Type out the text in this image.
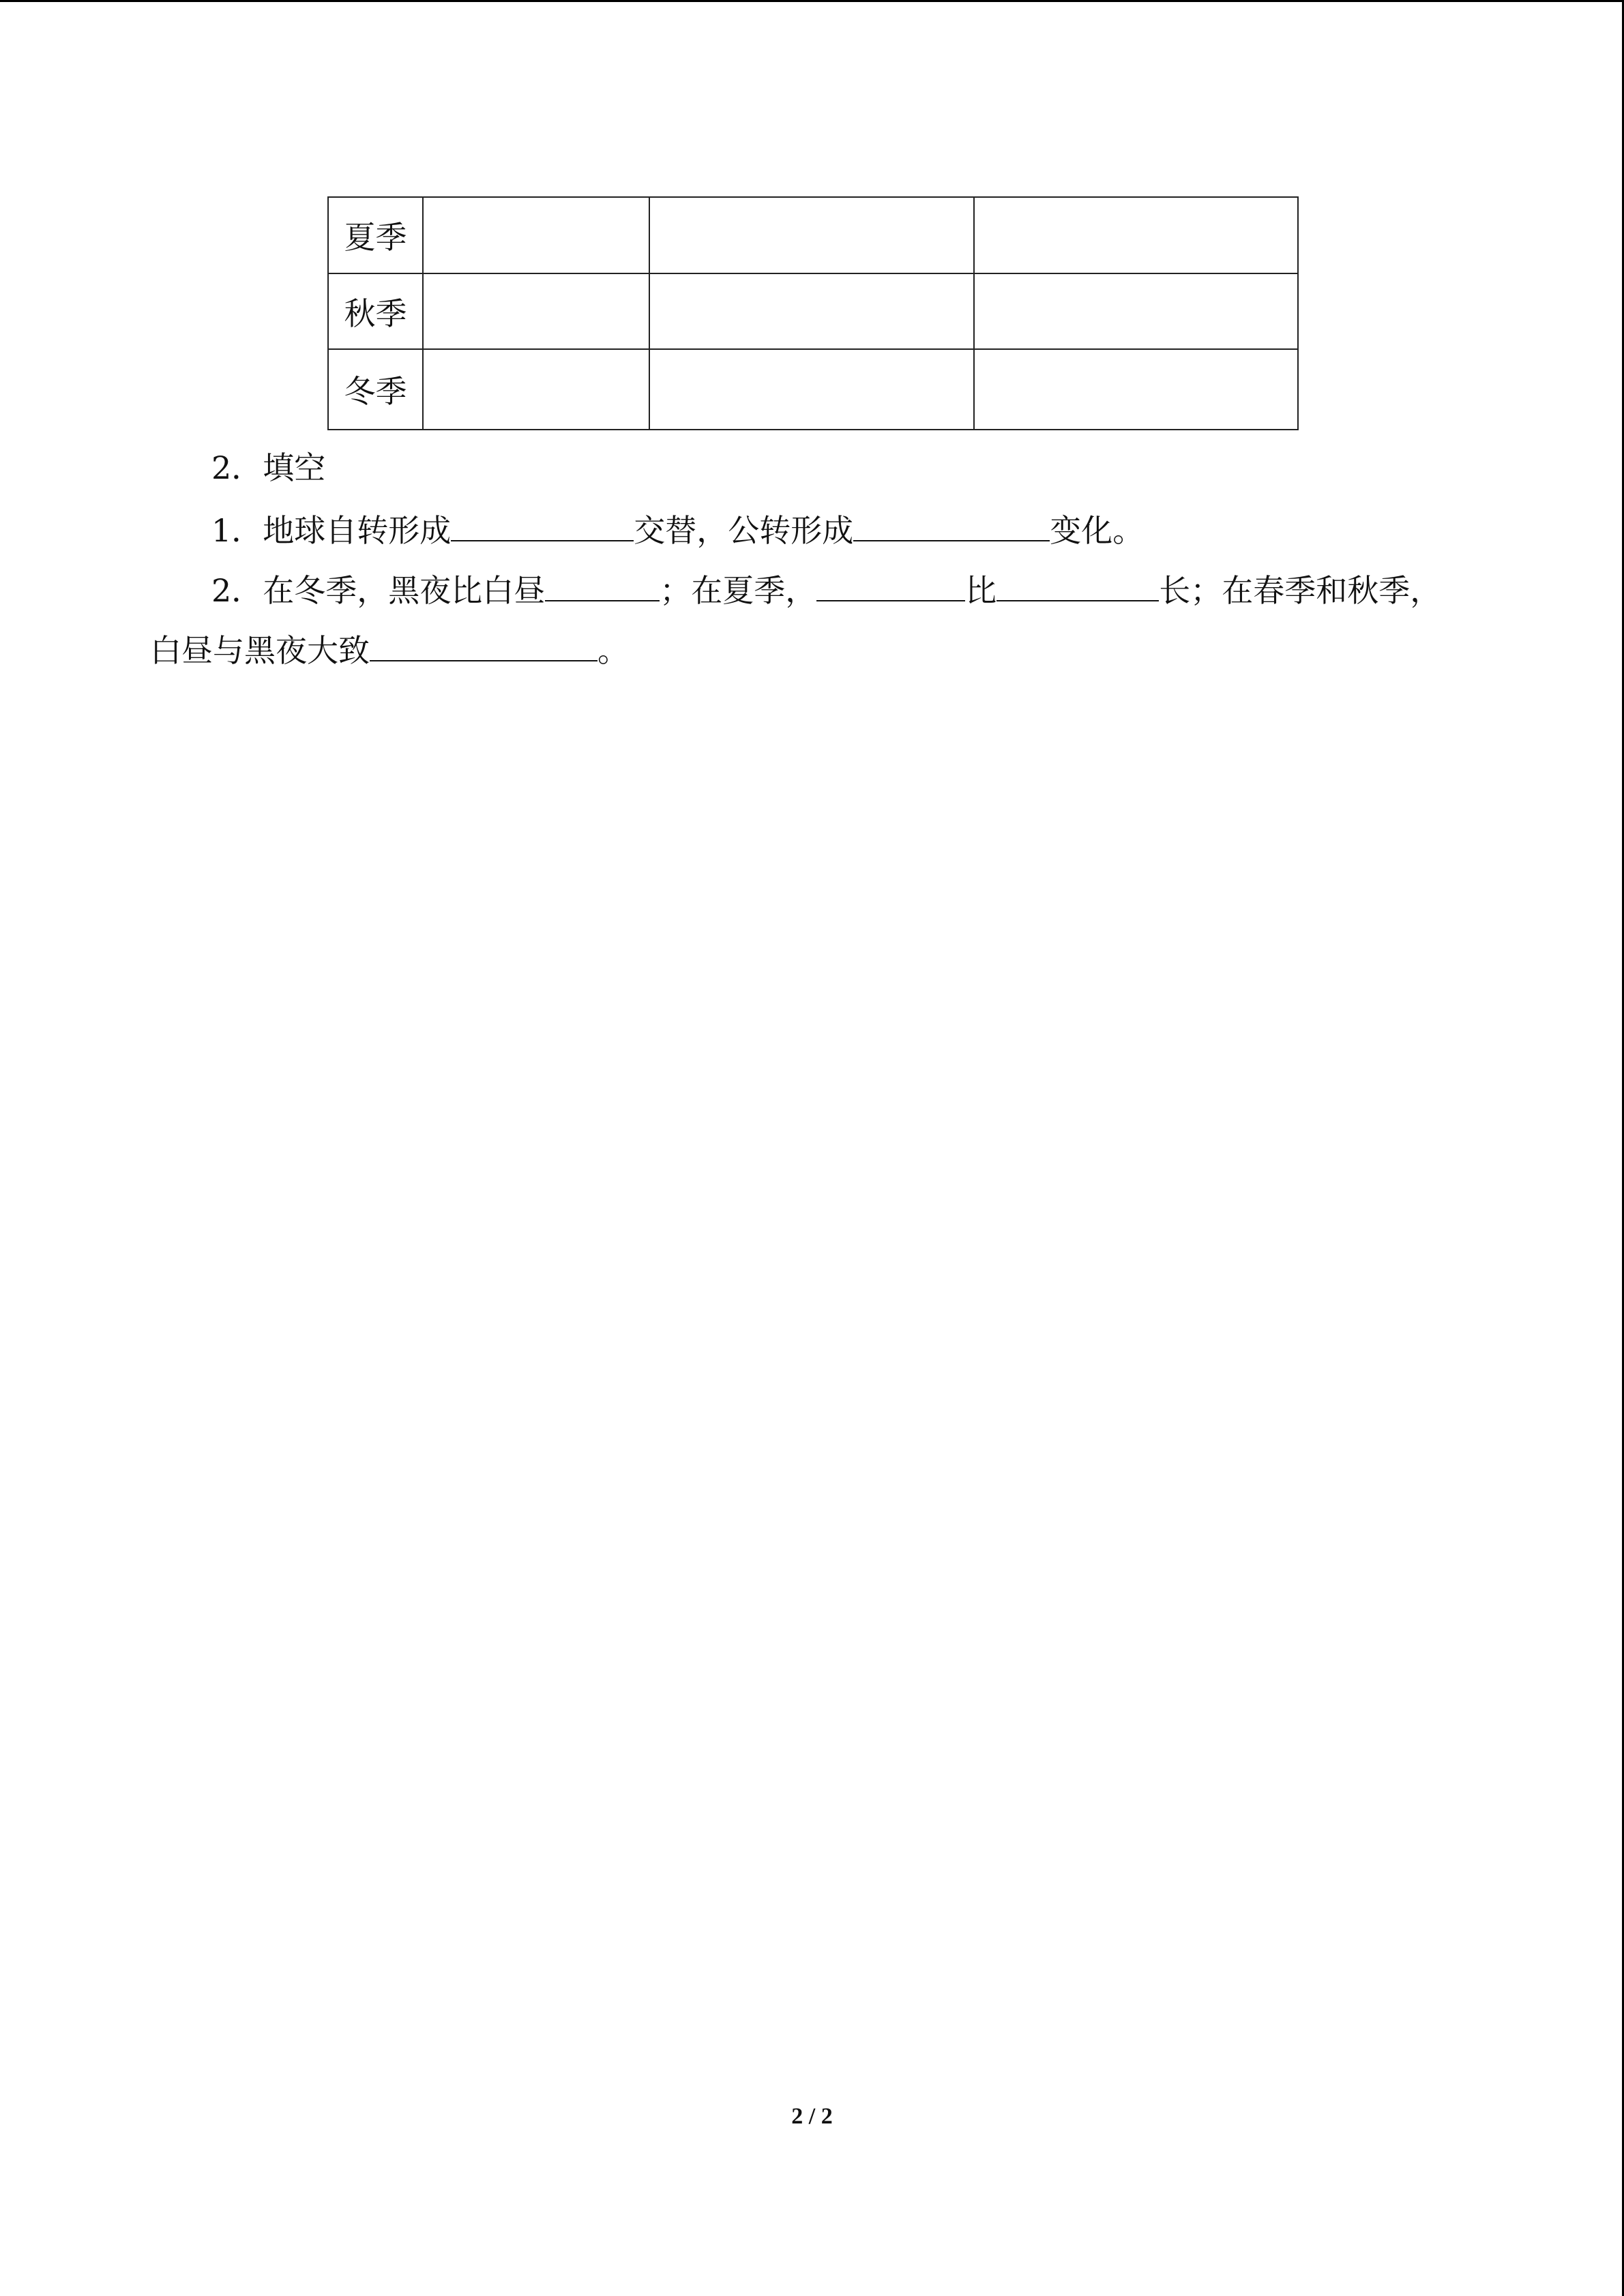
夏季			
秋季			
冬季			
2．填空
1．地球自转形成	交替，公转形成	变化。
2．在冬季，黑夜比白昼	；在夏季，	比	长；在春季和秋季，
白昼与黑夜大致	。
2 / 2
